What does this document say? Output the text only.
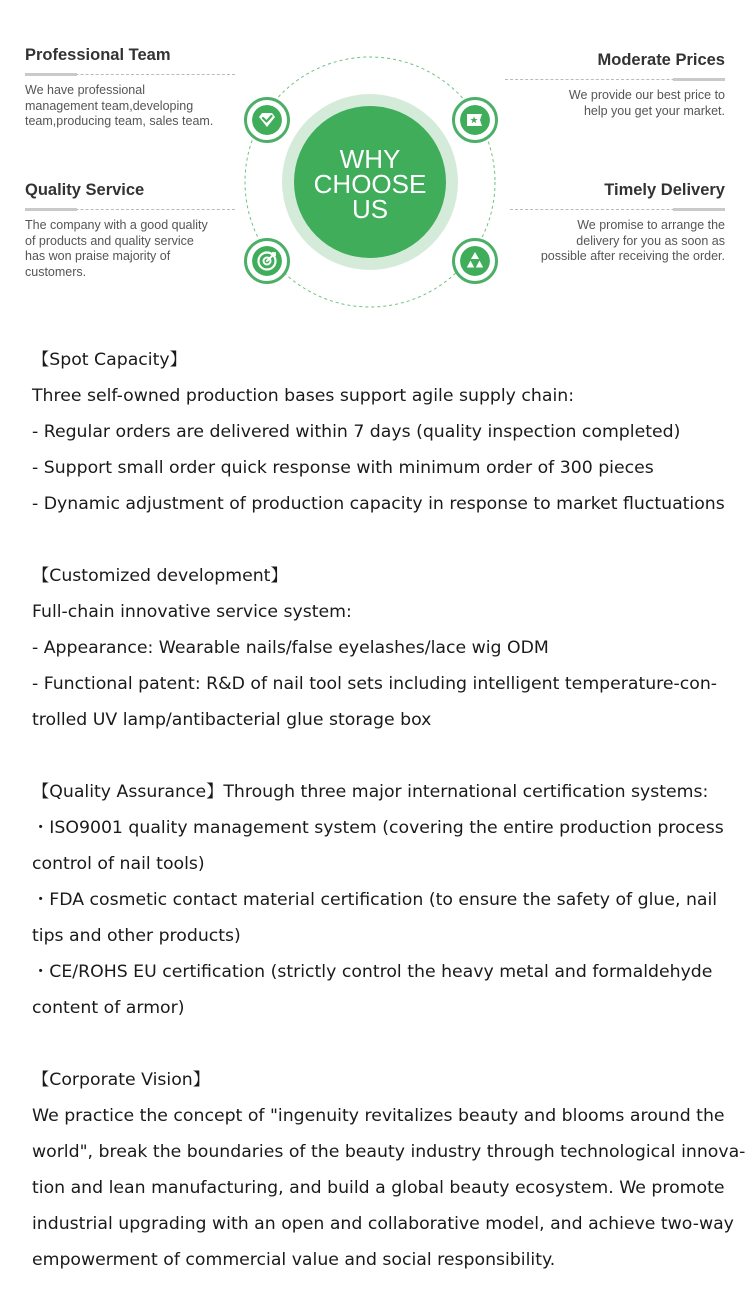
WHY
CHOOSE
US
Professional Team

We have professional
management team,developing
team,producing team, sales team.

Moderate Prices

We provide our best price to
help you get your market.

Quality Service

The company with a good quality
of products and quality service
has won praise majority of
customers.

Timely Delivery

We promise to arrange the
delivery for you as soon as
possible after receiving the order.

【Spot Capacity】
Three self-owned production bases support agile supply chain:
- Regular orders are delivered within 7 days (quality inspection completed)
- Support small order quick response with minimum order of 300 pieces
- Dynamic adjustment of production capacity in response to market fluctuations
【Customized development】
Full-chain innovative service system:
- Appearance: Wearable nails/false eyelashes/lace wig ODM
- Functional patent: R&D of nail tool sets including intelligent temperature-con-
trolled UV lamp/antibacterial glue storage box
【Quality Assurance】Through three major international certification systems:
・ISO9001 quality management system (covering the entire production process
control of nail tools)
・FDA cosmetic contact material certification (to ensure the safety of glue, nail
tips and other products)
・CE/ROHS EU certification (strictly control the heavy metal and formaldehyde
content of armor)
【Corporate Vision】
We practice the concept of "ingenuity revitalizes beauty and blooms around the
world", break the boundaries of the beauty industry through technological innova-
tion and lean manufacturing, and build a global beauty ecosystem. We promote
industrial upgrading with an open and collaborative model, and achieve two-way
empowerment of commercial value and social responsibility.
